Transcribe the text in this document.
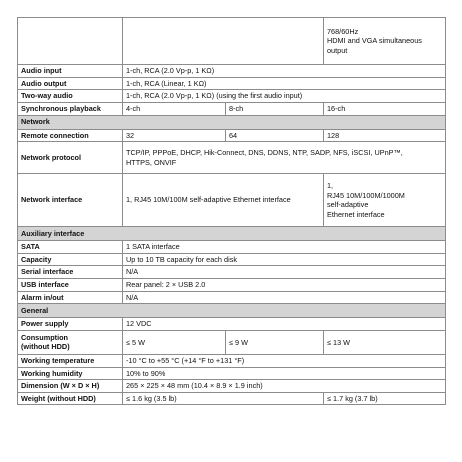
			768/60Hz
HDMI and VGA simultaneous
output

Audio input	1-ch, RCA (2.0 Vp-p, 1 KΩ)		
Audio output	1-ch, RCA (Linear, 1 KΩ)		
Two-way audio	1-ch, RCA (2.0 Vp-p, 1 KΩ) (using the first audio input)		
Synchronous playback	4-ch	8-ch	16-ch
Network			
Remote connection	32	64	128
Network protocol	TCP/IP, PPPoE, DHCP, Hik-Connect, DNS, DDNS, NTP, SADP, NFS, iSCSI, UPnP™,
HTTPS, ONVIF		

Network interface	1, RJ45 10M/100M self-adaptive Ethernet interface		1,
RJ45 10M/100M/1000M
self-adaptive
Ethernet interface

Auxiliary interface			
SATA	1 SATA interface		
Capacity	Up to 10 TB capacity for each disk		
Serial interface	N/A		
USB interface	Rear panel: 2 × USB 2.0		
Alarm in/out	N/A		
General			
Power supply	12 VDC		

Consumption
(without HDD)	≤ 5 W	≤ 9 W	≤ 13 W
Working temperature	-10 °C to +55 °C (+14 °F to +131 °F)		
Working humidity	10% to 90%		
Dimension (W × D × H)	265 × 225 × 48 mm (10.4 × 8.9 × 1.9 inch)		
Weight (without HDD)	≤ 1.6 kg (3.5 lb)		≤ 1.7 kg (3.7 lb)
